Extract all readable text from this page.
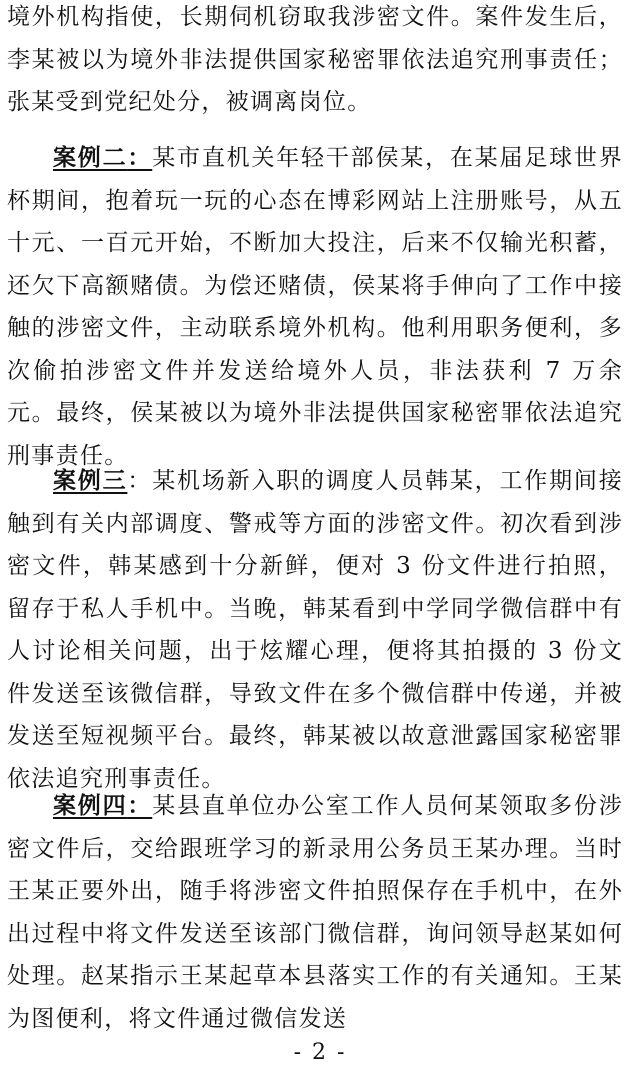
境外机构指使，长期伺机窃取我涉密文件。案件发生后，李某被以为境外非法提供国家秘密罪依法追究刑事责任；张某受到党纪处分，被调离岗位。

案例二：某市直机关年轻干部侯某，在某届足球世界杯期间，抱着玩一玩的心态在博彩网站上注册账号，从五十元、一百元开始，不断加大投注，后来不仅输光积蓄，还欠下高额赌债。为偿还赌债，侯某将手伸向了工作中接触的涉密文件，主动联系境外机构。他利用职务便利，多次偷拍涉密文件并发送给境外人员，非法获利 7 万余元。最终，侯某被以为境外非法提供国家秘密罪依法追究刑事责任。

案例三：某机场新入职的调度人员韩某，工作期间接触到有关内部调度、警戒等方面的涉密文件。初次看到涉密文件，韩某感到十分新鲜，便对 3 份文件进行拍照，留存于私人手机中。当晚，韩某看到中学同学微信群中有人讨论相关问题，出于炫耀心理，便将其拍摄的 3 份文件发送至该微信群，导致文件在多个微信群中传递，并被发送至短视频平台。最终，韩某被以故意泄露国家秘密罪依法追究刑事责任。

案例四：某县直单位办公室工作人员何某领取多份涉密文件后，交给跟班学习的新录用公务员王某办理。当时王某正要外出，随手将涉密文件拍照保存在手机中，在外出过程中将文件发送至该部门微信群，询问领导赵某如何处理。赵某指示王某起草本县落实工作的有关通知。王某为图便利，将文件通过微信发送

- 2 -
